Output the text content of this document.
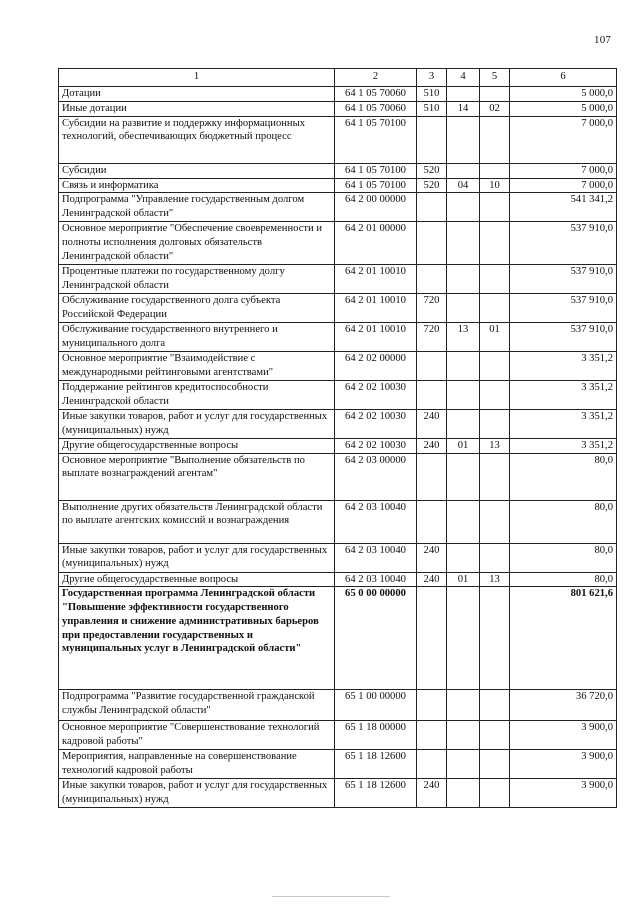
107
1	2	3	4	5	6
Дотации	64 1 05 70060	510			5 000,0
Иные дотации	64 1 05 70060	510	14	02	5 000,0
Субсидии на развитие и поддержку информационных технологий, обеспечивающих бюджетный процесс	64 1 05 70100				7 000,0
Субсидии	64 1 05 70100	520			7 000,0
Связь и информатика	64 1 05 70100	520	04	10	7 000,0
Подпрограмма "Управление государственным долгом Ленинградской области"	64 2 00 00000				541 341,2
Основное мероприятие "Обеспечение своевременности и полноты исполнения долговых обязательств Ленинградской области"	64 2 01 00000				537 910,0
Процентные платежи по государственному долгу Ленинградской области	64 2 01 10010				537 910,0
Обслуживание государственного долга субъекта Российской Федерации	64 2 01 10010	720			537 910,0
Обслуживание государственного внутреннего и муниципального долга	64 2 01 10010	720	13	01	537 910,0
Основное мероприятие "Взаимодействие с международными рейтинговыми агентствами"	64 2 02 00000				3 351,2
Поддержание рейтингов кредитоспособности Ленинградской области	64 2 02 10030				3 351,2
Иные закупки товаров, работ и услуг для государственных (муниципальных) нужд	64 2 02 10030	240			3 351,2
Другие общегосударственные вопросы	64 2 02 10030	240	01	13	3 351,2
Основное мероприятие "Выполнение обязательств по выплате вознаграждений агентам"	64 2 03 00000				80,0
Выполнение других обязательств Ленинградской области по выплате агентских комиссий и вознаграждения	64 2 03 10040				80,0
Иные закупки товаров, работ и услуг для государственных (муниципальных) нужд	64 2 03 10040	240			80,0
Другие общегосударственные вопросы	64 2 03 10040	240	01	13	80,0
Государственная программа Ленинградской области "Повышение эффективности государственного управления и снижение административных барьеров при предоставлении государственных и муниципальных услуг в Ленинградской области"	65 0 00 00000				801 621,6
Подпрограмма "Развитие государственной гражданской службы Ленинградской области"	65 1 00 00000				36 720,0
Основное мероприятие "Совершенствование технологий кадровой работы"	65 1 18 00000				3 900,0
Мероприятия, направленные на совершенствование технологий кадровой работы	65 1 18 12600				3 900,0
Иные закупки товаров, работ и услуг для государственных (муниципальных) нужд	65 1 18 12600	240			3 900,0
